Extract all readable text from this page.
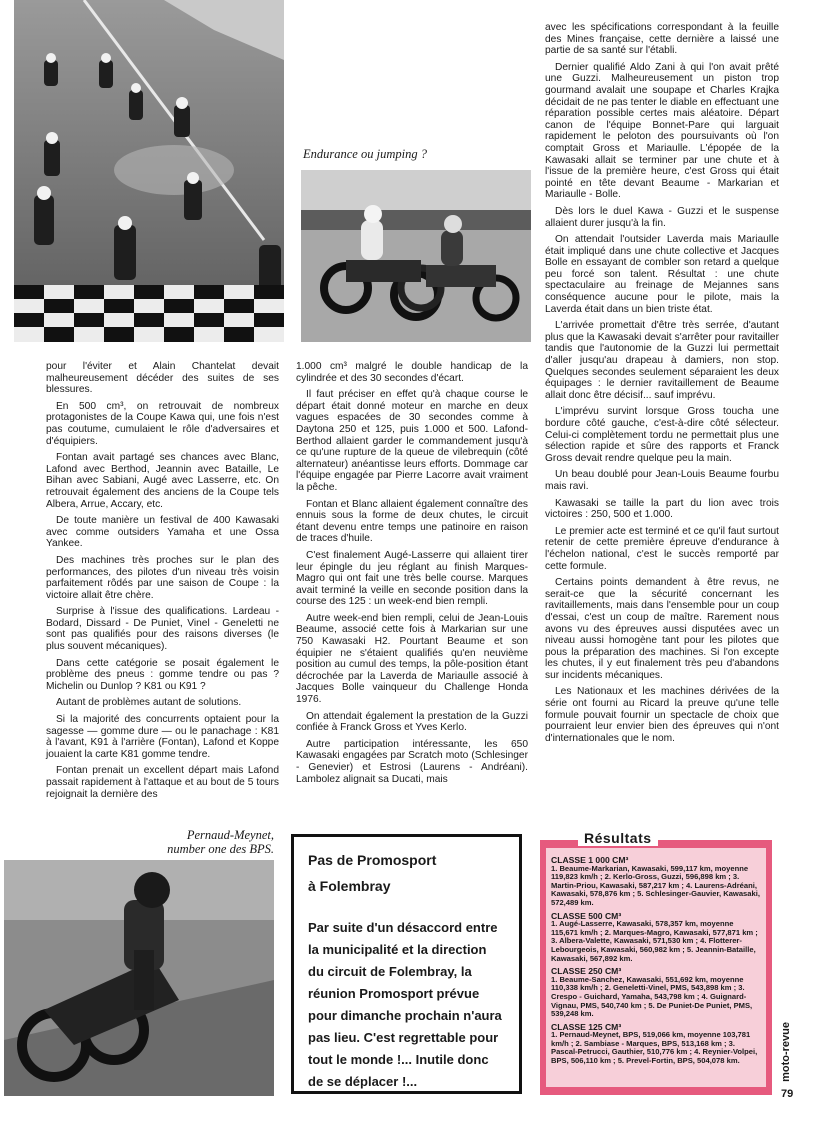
Endurance ou jumping ?

pour l'éviter et Alain Chantelat devait malheureusement décéder des suites de ses blessures.

En 500 cm³, on retrouvait de nombreux protagonistes de la Coupe Kawa qui, une fois n'est pas coutume, cumulaient le rôle d'adversaires et d'équipiers.

Fontan avait partagé ses chances avec Blanc, Lafond avec Berthod, Jeannin avec Bataille, Le Bihan avec Sabiani, Augé avec Lasserre, etc. On retrouvait également des anciens de la Coupe tels Albera, Arrue, Accary, etc.

De toute manière un festival de 400 Kawasaki avec comme outsiders Yamaha et une Ossa Yankee.

Des machines très proches sur le plan des performances, des pilotes d'un niveau très voisin parfaitement rôdés par une saison de Coupe : la victoire allait être chère.

Surprise à l'issue des qualifications. Lardeau - Bodard, Dissard - De Puniet, Vinel - Geneletti ne sont pas qualifiés pour des raisons diverses (le plus souvent mécaniques).

Dans cette catégorie se posait également le problème des pneus : gomme tendre ou pas ? Michelin ou Dunlop ? K81 ou K91 ?

Autant de problèmes autant de solutions.

Si la majorité des concurrents optaient pour la sagesse — gomme dure — ou le panachage : K81 à l'avant, K91 à l'arrière (Fontan), Lafond et Koppe jouaient la carte K81 gomme tendre.

Fontan prenait un excellent départ mais Lafond passait rapidement à l'attaque et au bout de 5 tours rejoignait la dernière des

1.000 cm³ malgré le double handicap de la cylindrée et des 30 secondes d'écart.

Il faut préciser en effet qu'à chaque course le départ était donné moteur en marche en deux vagues espacées de 30 secondes comme à Daytona 250 et 125, puis 1.000 et 500. Lafond-Berthod allaient garder le commandement jusqu'à ce qu'une rupture de la queue de vilebrequin (côté alternateur) anéantisse leurs efforts. Dommage car l'équipe engagée par Pierre Lacorre avait vraiment la pêche.

Fontan et Blanc allaient également connaître des ennuis sous la forme de deux chutes, le circuit étant devenu entre temps une patinoire en raison de traces d'huile.

C'est finalement Augé-Lasserre qui allaient tirer leur épingle du jeu réglant au finish Marques-Magro qui ont fait une très belle course. Marques avait terminé la veille en seconde position dans la course des 125 : un week-end bien rempli.

Autre week-end bien rempli, celui de Jean-Louis Beaume, associé cette fois à Markarian sur une 750 Kawasaki H2. Pourtant Beaume et son équipier ne s'étaient qualifiés qu'en neuvième position au cumul des temps, la pôle-position étant décrochée par la Laverda de Mariaulle associé à Jacques Bolle vainqueur du Challenge Honda 1976.

On attendait également la prestation de la Guzzi confiée à Franck Gross et Yves Kerlo.

Autre participation intéressante, les 650 Kawasaki engagées par Scratch moto (Schlesinger - Genevier) et Estrosi (Laurens - Andréani). Lambolez alignait sa Ducati, mais

avec les spécifications correspondant à la feuille des Mines française, cette dernière a laissé une partie de sa santé sur l'établi.

Dernier qualifié Aldo Zani à qui l'on avait prêté une Guzzi. Malheureusement un piston trop gourmand avalait une soupape et Charles Krajka décidait de ne pas tenter le diable en effectuant une réparation possible certes mais aléatoire. Départ canon de l'équipe Bonnet-Pare qui larguait rapidement le peloton des poursuivants où l'on comptait Gross et Mariaulle. L'épopée de la Kawasaki allait se terminer par une chute et à l'issue de la première heure, c'est Gross qui était pointé en tête devant Beaume - Markarian et Mariaulle - Bolle.

Dès lors le duel Kawa - Guzzi et le suspense allaient durer jusqu'à la fin.

On attendait l'outsider Laverda mais Mariaulle était impliqué dans une chute collective et Jacques Bolle en essayant de combler son retard a quelque peu forcé son talent. Résultat : une chute spectaculaire au freinage de Mejannes sans conséquence aucune pour le pilote, mais la Laverda était dans un bien triste état.

L'arrivée promettait d'être très serrée, d'autant plus que la Kawasaki devait s'arrêter pour ravitailler tandis que l'autonomie de la Guzzi lui permettait d'aller jusqu'au drapeau à damiers, non stop. Quelques secondes seulement séparaient les deux équipages : le dernier ravitaillement de Beaume allait donc être décisif... sauf imprévu.

L'imprévu survint lorsque Gross toucha une bordure côté gauche, c'est-à-dire côté sélecteur. Celui-ci complètement tordu ne permettait plus une sélection rapide et sûre des rapports et Franck Gross devait rendre quelque peu la main.

Un beau doublé pour Jean-Louis Beaume fourbu mais ravi.

Kawasaki se taille la part du lion avec trois victoires : 250, 500 et 1.000.

Le premier acte est terminé et ce qu'il faut surtout retenir de cette première épreuve d'endurance à l'échelon national, c'est le succès remporté par cette formule.

Certains points demandent à être revus, ne serait-ce que la sécurité concernant les ravitaillements, mais dans l'ensemble pour un coup d'essai, c'est un coup de maître. Rarement nous avons vu des épreuves aussi disputées avec un niveau aussi homogène tant pour les pilotes que pous la préparation des machines. Si l'on excepte les chutes, il y eut finalement très peu d'abandons sur incidents mécaniques.

Les Nationaux et les machines dérivées de la série ont fourni au Ricard la preuve qu'une telle formule pouvait fournir un spectacle de choix que pourraient leur envier bien des épreuves qui n'ont d'internationales que le nom.

Pernaud-Meynet,
number one des BPS.
Pas de Promosport
à Folembray
Par suite d'un désaccord entre la municipalité et la direction du circuit de Folembray, la réunion Promosport prévue pour dimanche prochain n'aura pas lieu. C'est regrettable pour tout le monde !... Inutile donc de se déplacer !...
CLASSE 1 000 CM³
1. Beaume-Markarian, Kawasaki, 599,117 km, moyenne 119,823 km/h ; 2. Kerlo-Gross, Guzzi, 596,898 km ; 3. Martin-Priou, Kawasaki, 587,217 km ; 4. Laurens-Adréani, Kawasaki, 578,876 km ; 5. Schlesinger-Gauvier, Kawasaki, 572,489 km.
CLASSE 500 CM³
1. Augé-Lasserre, Kawasaki, 578,357 km, moyenne 115,671 km/h ; 2. Marques-Magro, Kawasaki, 577,871 km ; 3. Albera-Valette, Kawasaki, 571,530 km ; 4. Flotterer-Lebourgeois, Kawasaki, 560,982 km ; 5. Jeannin-Bataille, Kawasaki, 567,892 km.
CLASSE 250 CM³
1. Beaume-Sanchez, Kawasaki, 551,692 km, moyenne 110,338 km/h ; 2. Geneletti-Vinel, PMS, 543,898 km ; 3. Crespo - Guichard, Yamaha, 543,798 km ; 4. Guignard-Vignau, PMS, 540,740 km ; 5. De Puniet-De Puniet, PMS, 539,248 km.
CLASSE 125 CM³
1. Pernaud-Meynet, BPS, 519,066 km, moyenne 103,781 km/h ; 2. Sambiase - Marques, BPS, 513,168 km ; 3. Pascal-Petrucci, Gauthier, 510,776 km ; 4. Reynier-Volpei, BPS, 506,110 km ; 5. Prevel-Fortin, BPS, 504,078 km.
Résultats
moto-revue
79
